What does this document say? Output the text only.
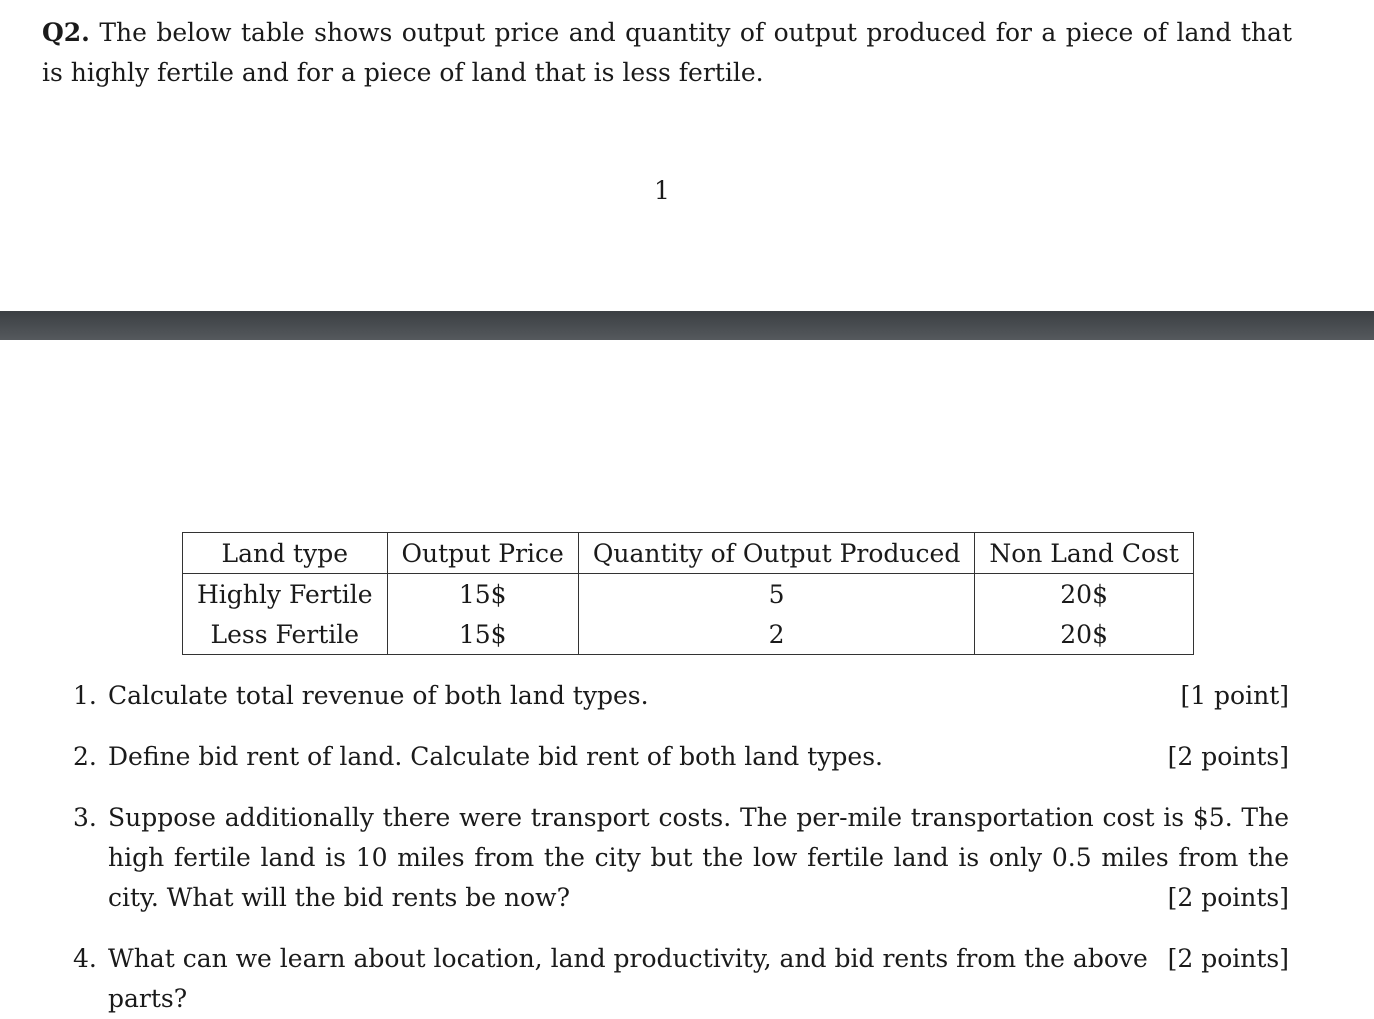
Q2. The below table shows output price and quantity of output produced for a piece of land that is highly fertile and for a piece of land that is less fertile.
1
Land type	Output Price	Quantity of Output Produced	Non Land Cost
Highly Fertile	15$	5	20$
Less Fertile	15$	2	20$
1.	[1 point]
Calculate total revenue of both land types.
2.	[2 points]
Define bid rent of land. Calculate bid rent of both land types.
3. Suppose additionally there were transport costs. The per-mile transportation cost is $5. The high fertile land is 10 miles from the city but the low fertile land is only 0.5 miles from the city. What will the bid rents be now?	[2 points]
4.	[2 points]
What can we learn about location, land productivity, and bid rents from the above parts?
